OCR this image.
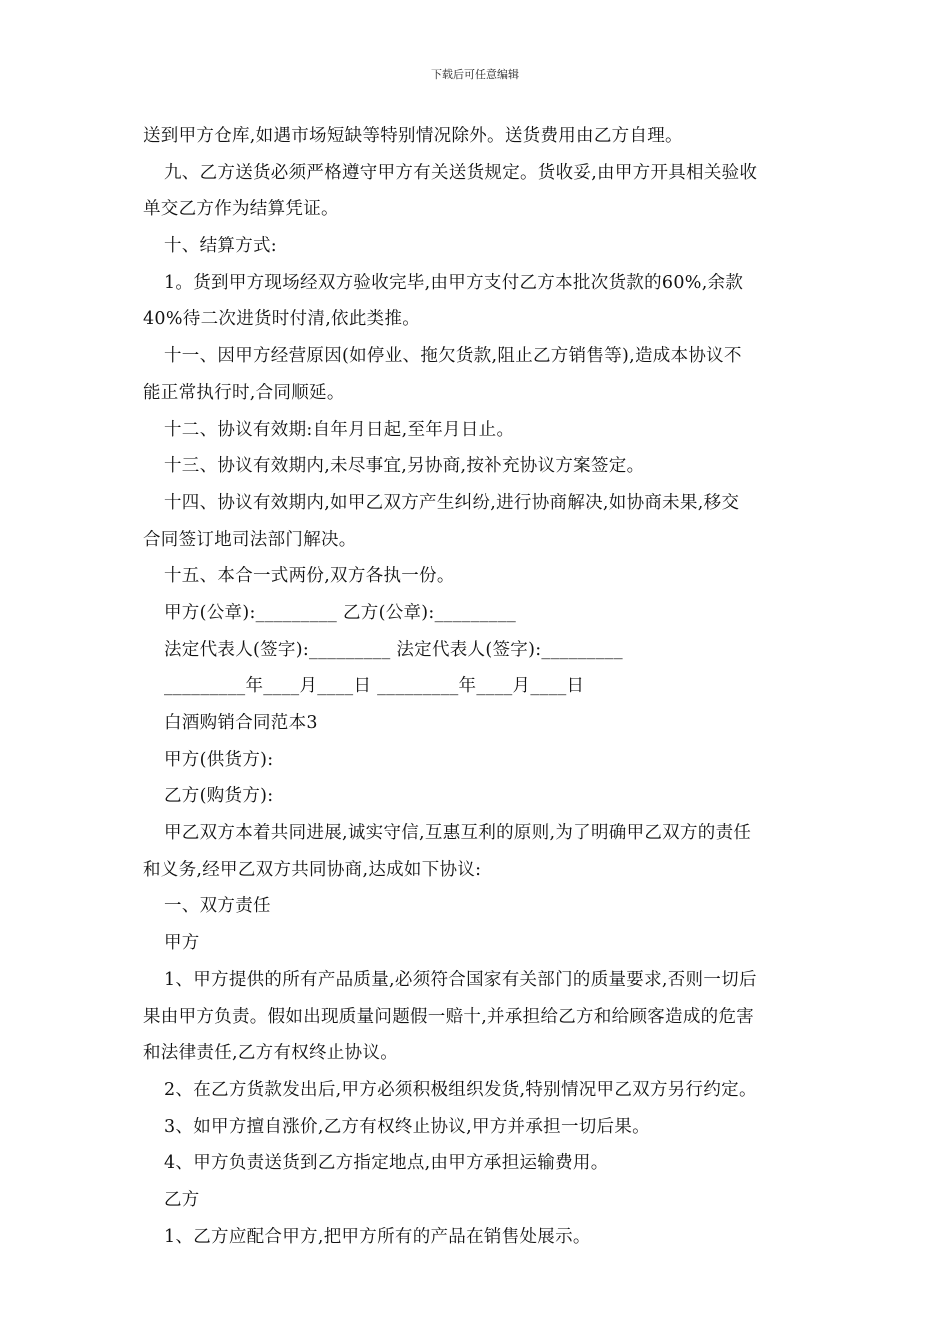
下载后可任意编辑
送到甲方仓库,如遇市场短缺等特别情况除外。送货费用由乙方自理。
九、乙方送货必须严格遵守甲方有关送货规定。货收妥,由甲方开具相关验收
单交乙方作为结算凭证。
十、结算方式:
1。货到甲方现场经双方验收完毕,由甲方支付乙方本批次货款的60%,余款
40%待二次进货时付清,依此类推。
十一、因甲方经营原因(如停业、拖欠货款,阻止乙方销售等),造成本协议不
能正常执行时,合同顺延。
十二、协议有效期:自年月日起,至年月日止。
十三、协议有效期内,未尽事宜,另协商,按补充协议方案签定。
十四、协议有效期内,如甲乙双方产生纠纷,进行协商解决,如协商未果,移交
合同签订地司法部门解决。
十五、本合一式两份,双方各执一份。
甲方(公章):_________ 乙方(公章):_________
法定代表人(签字):_________ 法定代表人(签字):_________
_________年____月____日 _________年____月____日
白酒购销合同范本3
甲方(供货方):
乙方(购货方):
甲乙双方本着共同进展,诚实守信,互惠互利的原则,为了明确甲乙双方的责任
和义务,经甲乙双方共同协商,达成如下协议:
一、双方责任
甲方
1、甲方提供的所有产品质量,必须符合国家有关部门的质量要求,否则一切后
果由甲方负责。假如出现质量问题假一赔十,并承担给乙方和给顾客造成的危害
和法律责任,乙方有权终止协议。
2、在乙方货款发出后,甲方必须积极组织发货,特别情况甲乙双方另行约定。
3、如甲方擅自涨价,乙方有权终止协议,甲方并承担一切后果。
4、甲方负责送货到乙方指定地点,由甲方承担运输费用。
乙方
1、乙方应配合甲方,把甲方所有的产品在销售处展示。
